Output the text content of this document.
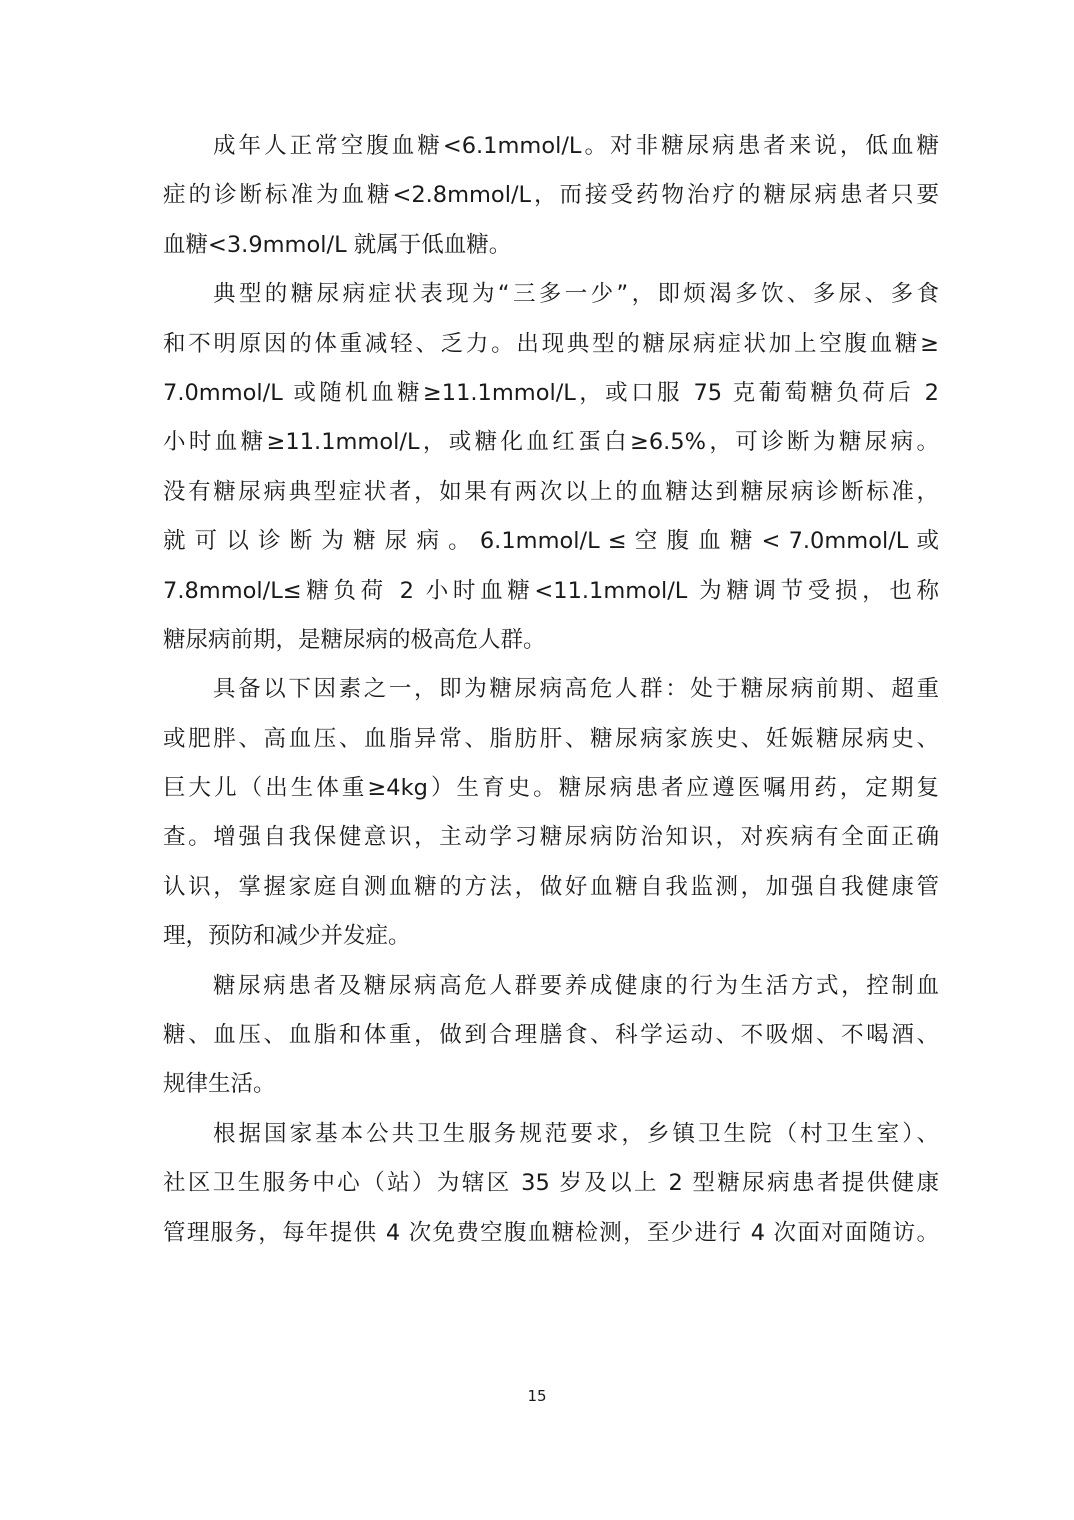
成年人正常空腹血糖<6.1mmol/L。对非糖尿病患者来说，低血糖
症的诊断标准为血糖<2.8mmol/L，而接受药物治疗的糖尿病患者只要
血糖<3.9mmol/L 就属于低血糖。
典型的糖尿病症状表现为“三多一少”，即烦渴多饮、多尿、多食
和不明原因的体重减轻、乏力。出现典型的糖尿病症状加上空腹血糖≥
7.0mmol/L 或随机血糖≥11.1mmol/L，或口服 75 克葡萄糖负荷后 2
小时血糖≥11.1mmol/L，或糖化血红蛋白≥6.5%，可诊断为糖尿病。
没有糖尿病典型症状者，如果有两次以上的血糖达到糖尿病诊断标准，
就 可 以 诊 断 为 糖 尿 病 。 6.1mmol/L ≤ 空 腹 血 糖 < 7.0mmol/L 或
7.8mmol/L≤糖负荷 2 小时血糖<11.1mmol/L 为糖调节受损，也称
糖尿病前期，是糖尿病的极高危人群。
具备以下因素之一，即为糖尿病高危人群：处于糖尿病前期、超重
或肥胖、高血压、血脂异常、脂肪肝、糖尿病家族史、妊娠糖尿病史、
巨大儿（出生体重≥4kg）生育史。糖尿病患者应遵医嘱用药，定期复
查。增强自我保健意识，主动学习糖尿病防治知识，对疾病有全面正确
认识，掌握家庭自测血糖的方法，做好血糖自我监测，加强自我健康管
理，预防和减少并发症。
糖尿病患者及糖尿病高危人群要养成健康的行为生活方式，控制血
糖、血压、血脂和体重，做到合理膳食、科学运动、不吸烟、不喝酒、
规律生活。
根据国家基本公共卫生服务规范要求，乡镇卫生院（村卫生室）、
社区卫生服务中心（站）为辖区 35 岁及以上 2 型糖尿病患者提供健康
管理服务，每年提供 4 次免费空腹血糖检测，至少进行 4 次面对面随访。
15
